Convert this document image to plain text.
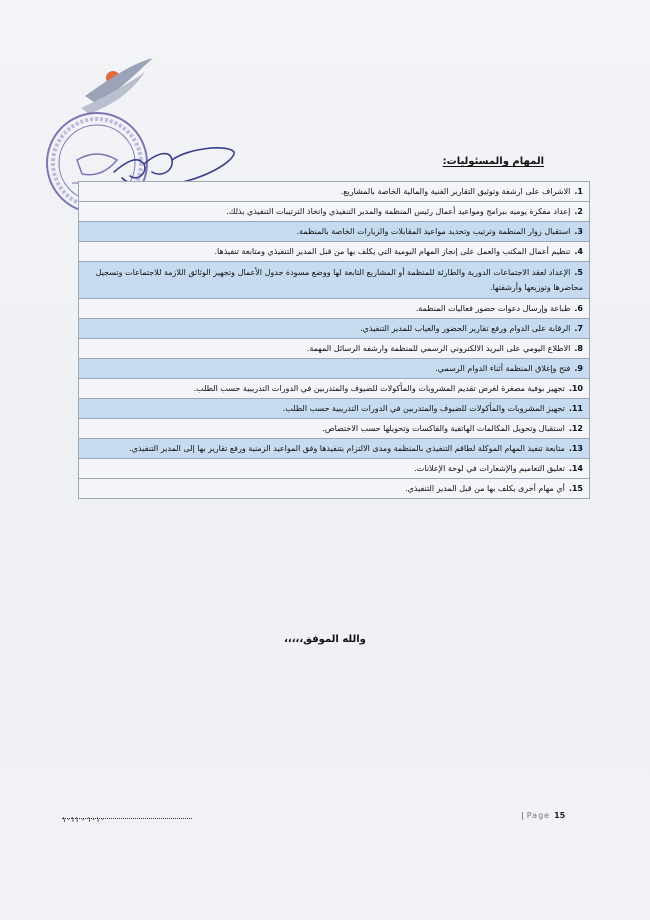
المهام والمسئوليات:
1.الاشراف على ارشفة وتوثيق التقارير الفنية والمالية الخاصة بالمشاريع.
2.إعداد مفكرة يوميه ببرامج ومواعيد أعمال رئيس المنظمة والمدير التنفيذي واتخاذ الترتيبات التنفيذي بذلك.
3.استقبال زوار المنظمة وترتيب وتحديد مواعيد المقابلات والزيارات الخاصة بالمنظمة.
4.تنظيم أعمال المكتب والعمل على إنجاز المهام اليومية التي يكلف بها من قبل المدير التنفيذي ومتابعة تنفيذها.
5.الإعداد لعقد الاجتماعات الدورية والطارئة للمنظمة أو المشاريع التابعة لها ووضع مسودة جدول الأعمال وتجهيز الوثائق اللازمة للاجتماعات وتسجيل محاضرها وتوزيعها وأرشفتها.
6.طباعة وإرسال دعوات حضور فعاليات المنظمة.
7.الرقابة على الدوام ورفع تقارير الحضور والغياب للمدير التنفيذي.
8.الاطلاع اليومي على البريد الالكتروني الرسمي للمنظمة وارشفه الرسائل المهمة.
9.فتح وإغلاق المنظمة أثناء الدوام الرسمي.
10.تجهيز بوفية مصغرة لغرض تقديم المشروبات والمأكولات للضيوف والمتدربين في الدورات التدريبية حسب الطلب.
11.تجهيز المشروبات والمأكولات للضيوف والمتدربين في الدورات التدريبية حسب الطلب.
12.استقبال وتحويل المكالمات الهاتفية والفاكسات وتحويلها حسب الاختصاص.
13.متابعة تنفيذ المهام الموكلة لطاقم التنفيذي بالمنظمة ومدى الالتزام بتنفيذها وفق المواعيد الزمنية ورفع تقارير بها إلى المدير التنفيذي.
14.تعليق التعاميم والإشعارات في لوحة الإعلانات.
15.أي مهام أخرى يكلف بها من قبل المدير التنفيذي.
والله الموفق،،،،،
١٠١٠ - ١٠١١	| Page 15
